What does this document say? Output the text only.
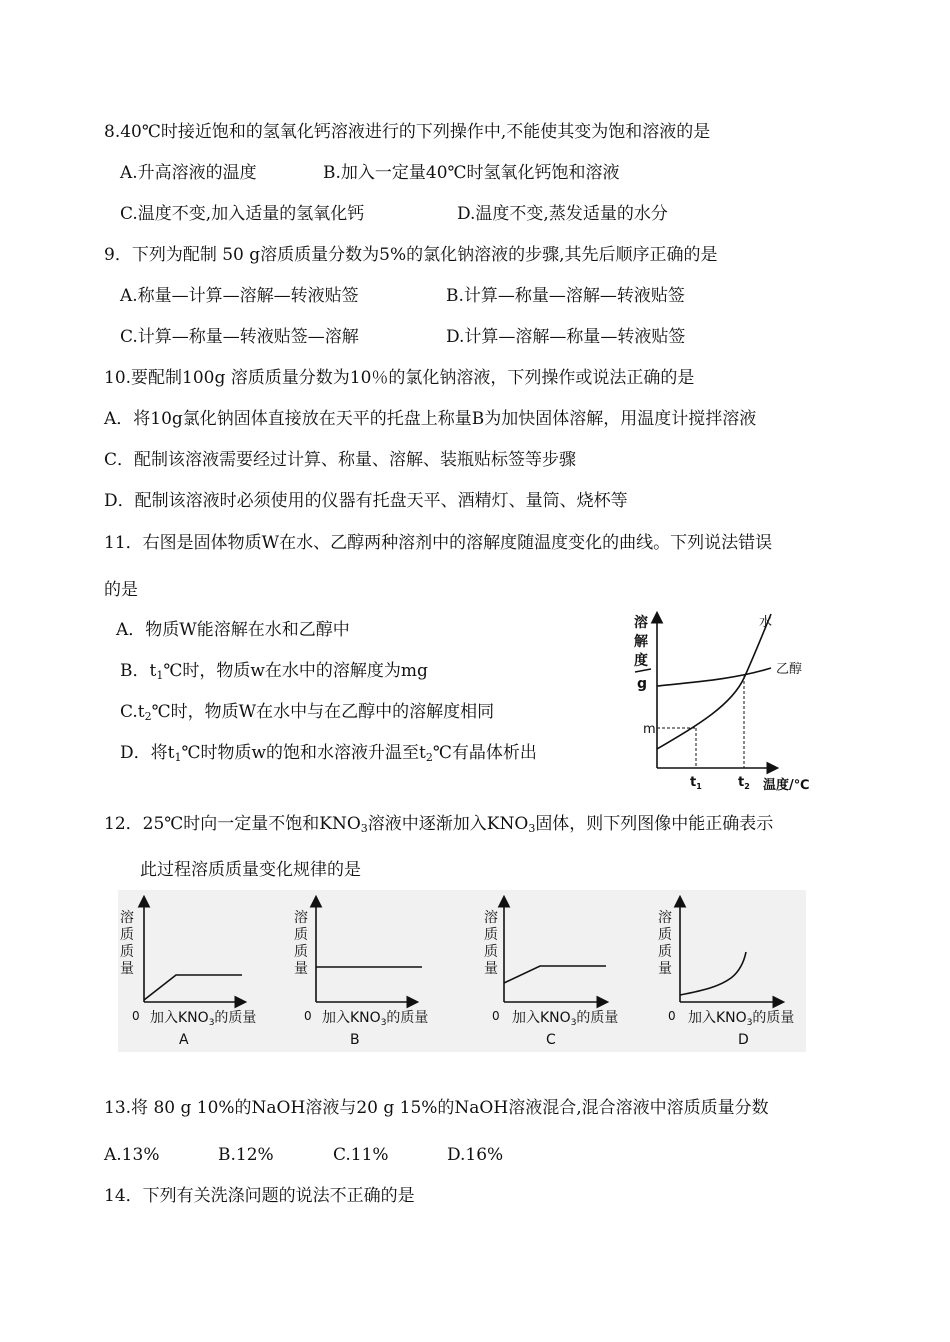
8.40℃时接近饱和的氢氧化钙溶液进行的下列操作中,不能使其变为饱和溶液的是
A.升高溶液的温度	B.加入一定量40℃时氢氧化钙饱和溶液
C.温度不变,加入适量的氢氧化钙	D.温度不变,蒸发适量的水分
9．下列为配制 50 g溶质质量分数为5%的氯化钠溶液的步骤,其先后顺序正确的是
A.称量—计算—溶解—转液贴签	B.计算—称量—溶解—转液贴签
C.计算—称量—转液贴签—溶解	D.计算—溶解—称量—转液贴签
10.要配制100g 溶质质量分数为10％的氯化钠溶液，下列操作或说法正确的是
A．将10g氯化钠固体直接放在天平的托盘上称量B为加快固体溶解，用温度计搅拌溶液
C．配制该溶液需要经过计算、称量、溶解、装瓶贴标签等步骤
D．配制该溶液时必须使用的仪器有托盘天平、酒精灯、量筒、烧杯等
11．右图是固体物质W在水、乙醇两种溶剂中的溶解度随温度变化的曲线。下列说法错误
的是
A．物质W能溶解在水和乙醇中
B．$t_1℃$时，物质w在水中的溶解度为mg
$C.t_2℃$时，物质W在水中与在乙醇中的溶解度相同
D．将$t_1℃$时物质w的饱和水溶液升温至$t_2℃$有晶体析出
溶
解
度
g
水
乙醇
m
$t_1$	$t_2$ 温度/℃
12．25℃时向一定量不饱和$KNO_3$溶液中逐渐加入$KNO_3$固体，则下列图像中能正确表示
此过程溶质质量变化规律的是
溶
质
质
量
0 加入$KNO_3$的质量
A
溶
质
质
量
0 加入$KNO_3$的质量
B
溶
质
质
量
0 加入$KNO_3$的质量
C
溶
质
质
量
0 加入$KNO_3$的质量
D
13.将 80 g 10%的NaOH溶液与20 g 15%的NaOH溶液混合,混合溶液中溶质质量分数
A.13%	B.12%	C.11%	D.16%
14．下列有关洗涤问题的说法不正确的是
